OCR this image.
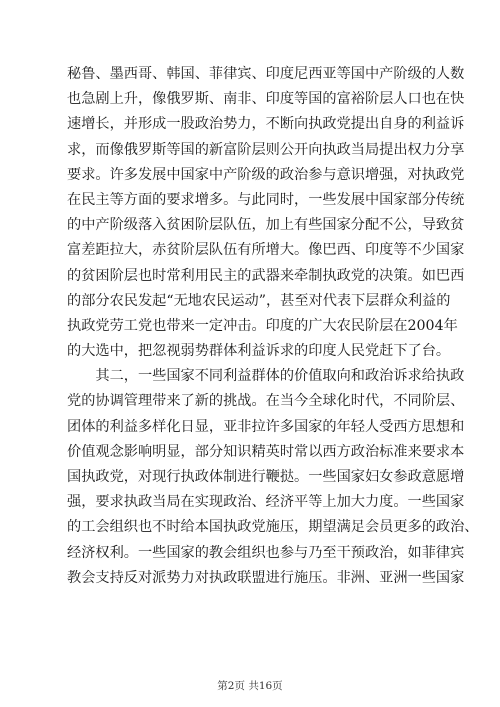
秘鲁、墨西哥、韩国、菲律宾、印度尼西亚等国中产阶级的人数
也急剧上升，像俄罗斯、南非、印度等国的富裕阶层人口也在快
速增长，并形成一股政治势力，不断向执政党提出自身的利益诉
求，而像俄罗斯等国的新富阶层则公开向执政当局提出权力分享
要求。许多发展中国家中产阶级的政治参与意识增强，对执政党
在民主等方面的要求增多。与此同时，一些发展中国家部分传统
的中产阶级落入贫困阶层队伍，加上有些国家分配不公，导致贫
富差距拉大，赤贫阶层队伍有所增大。像巴西、印度等不少国家
的贫困阶层也时常利用民主的武器来牵制执政党的决策。如巴西
的部分农民发起“无地农民运动”，甚至对代表下层群众利益的
执政党劳工党也带来一定冲击。印度的广大农民阶层在2004年
的大选中，把忽视弱势群体利益诉求的印度人民党赶下了台。
　　其二，一些国家不同利益群体的价值取向和政治诉求给执政
党的协调管理带来了新的挑战。在当今全球化时代，不同阶层、
团体的利益多样化日显，亚非拉许多国家的年轻人受西方思想和
价值观念影响明显，部分知识精英时常以西方政治标准来要求本
国执政党，对现行执政体制进行鞭挞。一些国家妇女参政意愿增
强，要求执政当局在实现政治、经济平等上加大力度。一些国家
的工会组织也不时给本国执政党施压，期望满足会员更多的政治、
经济权利。一些国家的教会组织也参与乃至干预政治，如菲律宾
教会支持反对派势力对执政联盟进行施压。非洲、亚洲一些国家
第2页 共16页
